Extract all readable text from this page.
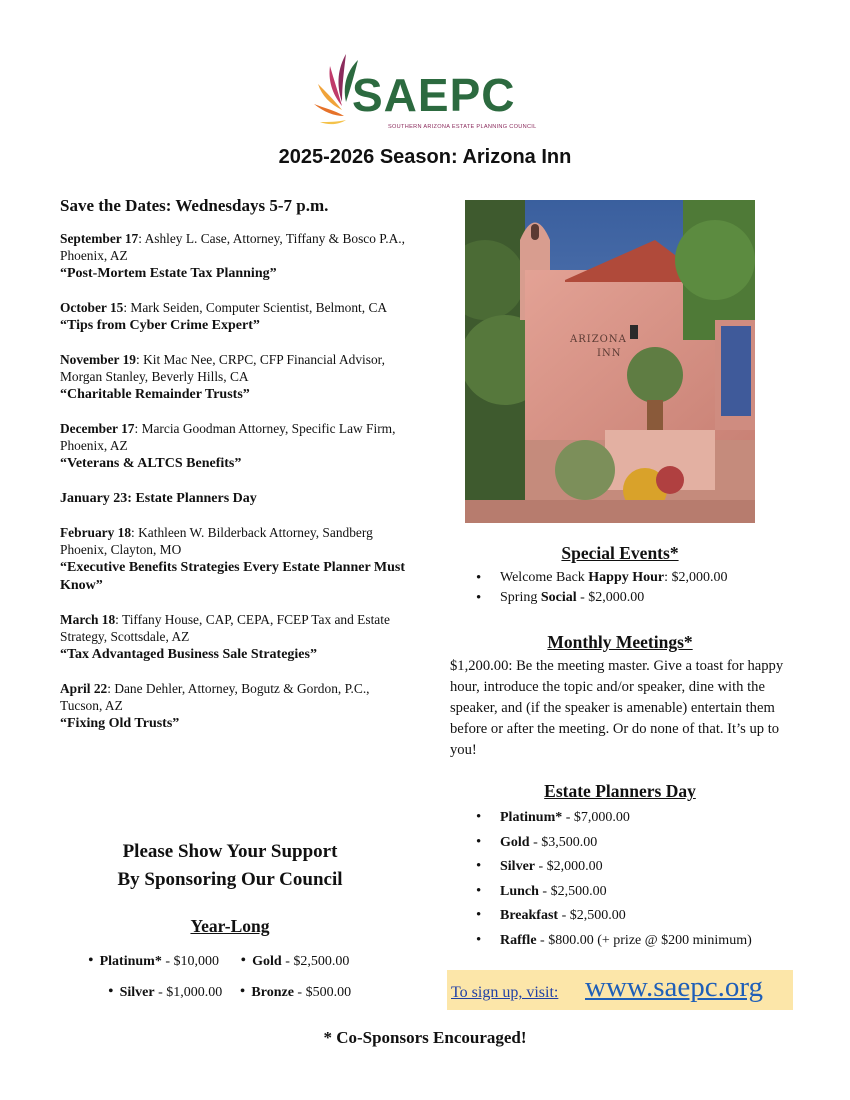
SAEPC
SOUTHERN ARIZONA ESTATE PLANNING COUNCIL
2025-2026 Season: Arizona Inn
Save the Dates: Wednesdays 5-7 p.m.
September 17: Ashley L. Case, Attorney, Tiffany & Bosco P.A., Phoenix, AZ
“Post-Mortem Estate Tax Planning”
October 15: Mark Seiden, Computer Scientist, Belmont, CA
“Tips from Cyber Crime Expert”
November 19: Kit Mac Nee, CRPC, CFP Financial Advisor, Morgan Stanley, Beverly Hills, CA
“Charitable Remainder Trusts”
December 17: Marcia Goodman Attorney, Specific Law Firm, Phoenix, AZ
“Veterans & ALTCS Benefits”
January 23: Estate Planners Day
February 18: Kathleen W. Bilderback Attorney, Sandberg Phoenix, Clayton, MO
“Executive Benefits Strategies Every Estate Planner Must Know”
March 18: Tiffany House, CAP, CEPA, FCEP Tax and Estate Strategy, Scottsdale, AZ
“Tax Advantaged Business Sale Strategies”
April 22: Dane Dehler, Attorney, Bogutz & Gordon, P.C., Tucson, AZ
“Fixing Old Trusts”
Please Show Your Support
By Sponsoring Our Council
Year-Long
• Platinum* - $10,000 • Gold - $2,500.00
• Silver - $1,000.00 • Bronze - $500.00
ARIZONA
INN
Special Events*
• Welcome Back Happy Hour: $2,000.00
• Spring Social - $2,000.00
Monthly Meetings*
$1,200.00: Be the meeting master. Give a toast for happy hour, introduce the topic and/or speaker, dine with the speaker, and (if the speaker is amenable) entertain them before or after the meeting. Or do none of that. It’s up to you!
Estate Planners Day
• Platinum* - $7,000.00
• Gold - $3,500.00
• Silver - $2,000.00
• Lunch - $2,500.00
• Breakfast - $2,500.00
• Raffle - $800.00 (+ prize @ $200 minimum)
To sign up, visit: www.saepc.org
* Co-Sponsors Encouraged!
